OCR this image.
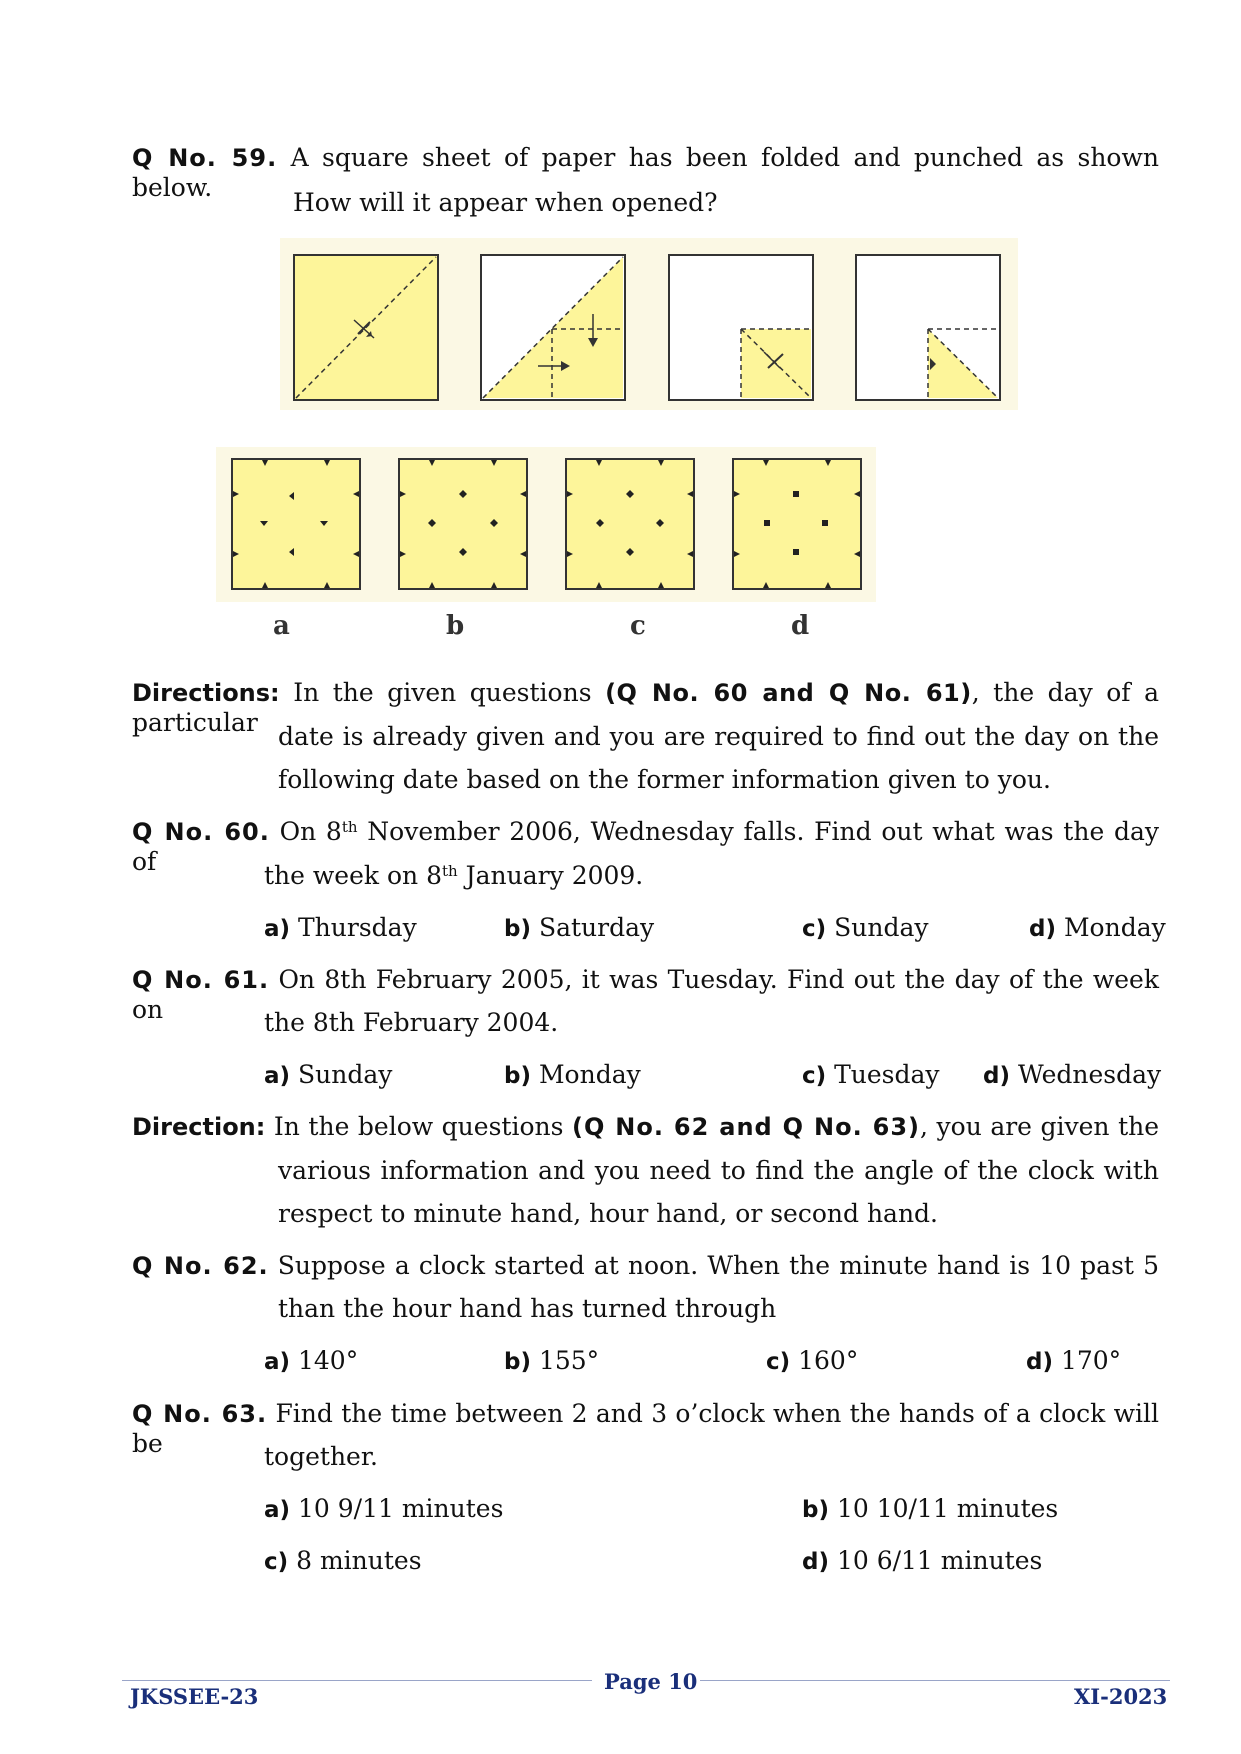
Q No. 59. A square sheet of paper has been folded and punched as shown below.
How will it appear when opened?
a	b	c	d
Directions: In the given questions (Q No. 60 and Q No. 61), the day of a particular date is already given and you are required to find out the day on the
following date based on the former information given to you.
Q No. 60. On 8th November 2006, Wednesday falls. Find out what was the day of	the week on 8th January 2009.
a) Thursday	b) Saturday	c) Sunday	d) Monday
Q No. 61. On 8th February 2005, it was Tuesday. Find out the day of the week on	the 8th February 2004.
a) Sunday	b) Monday	c) Tuesday d) Wednesday
Direction: In the below questions (Q No. 62 and Q No. 63), you are given the
various information and you need to find the angle of the clock with
respect to minute hand, hour hand, or second hand.
Q No. 62. Suppose a clock started at noon. When the minute hand is 10 past 5
than the hour hand has turned through
a) 140°	b) 155°	c) 160°	d) 170°
Q No. 63. Find the time between 2 and 3 o’clock when the hands of a clock will be	together.
a) 10 9/11 minutes	b) 10 10/11 minutes
c) 8 minutes	d) 10 6/11 minutes
JKSSEE-23
Page 10
XI-2023
